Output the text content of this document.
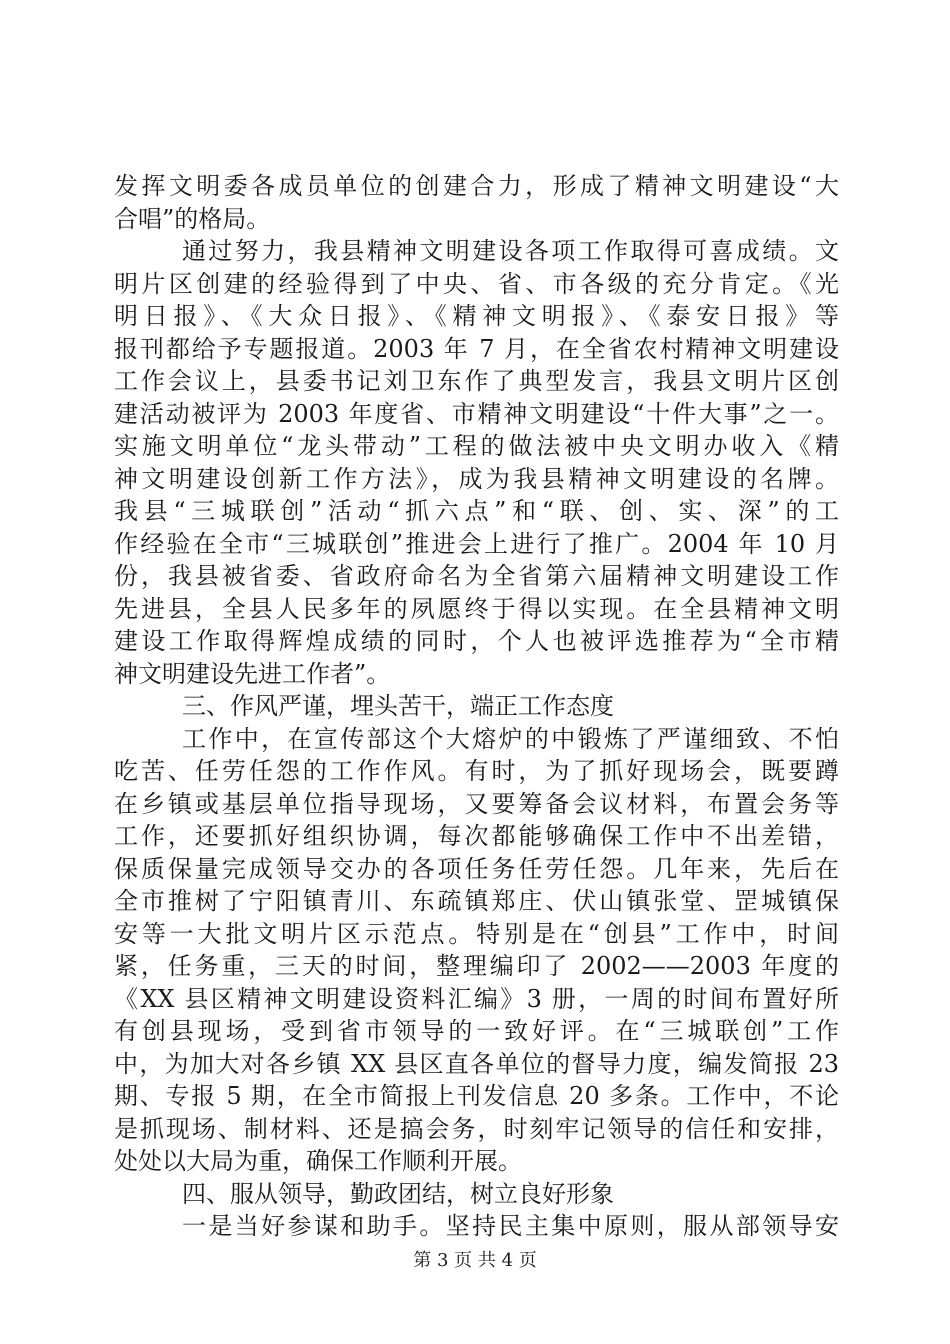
发挥文明委各成员单位的创建合力，形成了精神文明建设“大
合唱”的格局。
通过努力，我县精神文明建设各项工作取得可喜成绩。文
明片区创建的经验得到了中央、省、市各级的充分肯定。《光
明日报》、《大众日报》、《精神文明报》、《泰安日报》等
报刊都给予专题报道。2003 年 7 月，在全省农村精神文明建设
工作会议上，县委书记刘卫东作了典型发言，我县文明片区创
建活动被评为 2003 年度省、市精神文明建设“十件大事”之一。
实施文明单位“龙头带动”工程的做法被中央文明办收入《精
神文明建设创新工作方法》，成为我县精神文明建设的名牌。
我县“三城联创”活动“抓六点”和“联、创、实、深”的工
作经验在全市“三城联创”推进会上进行了推广。2004 年 10 月
份，我县被省委、省政府命名为全省第六届精神文明建设工作
先进县，全县人民多年的夙愿终于得以实现。在全县精神文明
建设工作取得辉煌成绩的同时，个人也被评选推荐为“全市精
神文明建设先进工作者”。
三、作风严谨，埋头苦干，端正工作态度
工作中，在宣传部这个大熔炉的中锻炼了严谨细致、不怕
吃苦、任劳任怨的工作作风。有时，为了抓好现场会，既要蹲
在乡镇或基层单位指导现场，又要筹备会议材料，布置会务等
工作，还要抓好组织协调，每次都能够确保工作中不出差错，
保质保量完成领导交办的各项任务任劳任怨。几年来，先后在
全市推树了宁阳镇青川、东疏镇郑庄、伏山镇张堂、罡城镇保
安等一大批文明片区示范点。特别是在“创县”工作中，时间
紧，任务重，三天的时间，整理编印了 2002——2003 年度的
《XX 县区精神文明建设资料汇编》3 册，一周的时间布置好所
有创县现场，受到省市领导的一致好评。在“三城联创”工作
中，为加大对各乡镇 XX 县区直各单位的督导力度，编发简报 23
期、专报 5 期，在全市简报上刊发信息 20 多条。工作中，不论
是抓现场、制材料、还是搞会务，时刻牢记领导的信任和安排，
处处以大局为重，确保工作顺利开展。
四、服从领导，勤政团结，树立良好形象
一是当好参谋和助手。坚持民主集中原则，服从部领导安
第 3 页 共 4 页
